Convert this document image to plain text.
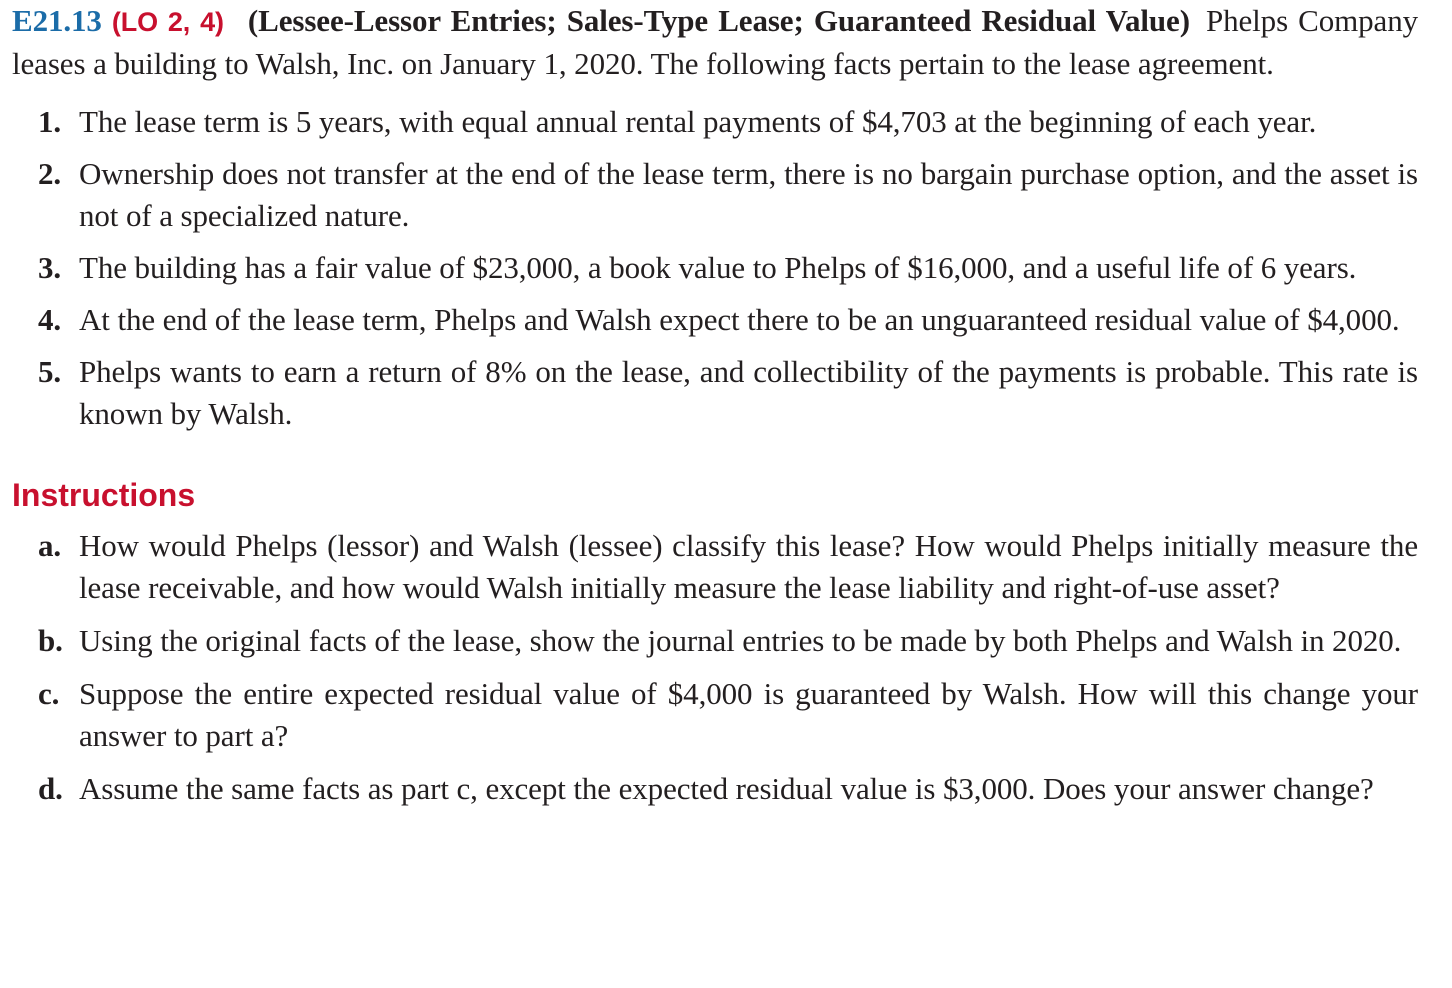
E21.13 (LO 2, 4) (Lessee-Lessor Entries; Sales-Type Lease; Guaranteed Residual Value) Phelps Company leases a building to Walsh, Inc. on January 1, 2020. The following facts pertain to the lease agreement.

1. The lease term is 5 years, with equal annual rental payments of $4,703 at the beginning of each year.
2. Ownership does not transfer at the end of the lease term, there is no bargain purchase option, and the asset is not of a specialized nature.
3. The building has a fair value of $23,000, a book value to Phelps of $16,000, and a useful life of 6 years.
4. At the end of the lease term, Phelps and Walsh expect there to be an unguaranteed residual value of $4,000.
5. Phelps wants to earn a return of 8% on the lease, and collectibility of the payments is probable. This rate is known by Walsh.
Instructions
a. How would Phelps (lessor) and Walsh (lessee) classify this lease? How would Phelps initially measure the lease receivable, and how would Walsh initially measure the lease liability and right-of-use asset?
b. Using the original facts of the lease, show the journal entries to be made by both Phelps and Walsh in 2020.
c. Suppose the entire expected residual value of $4,000 is guaranteed by Walsh. How will this change your answer to part a?
d. Assume the same facts as part c, except the expected residual value is $3,000. Does your answer change?
